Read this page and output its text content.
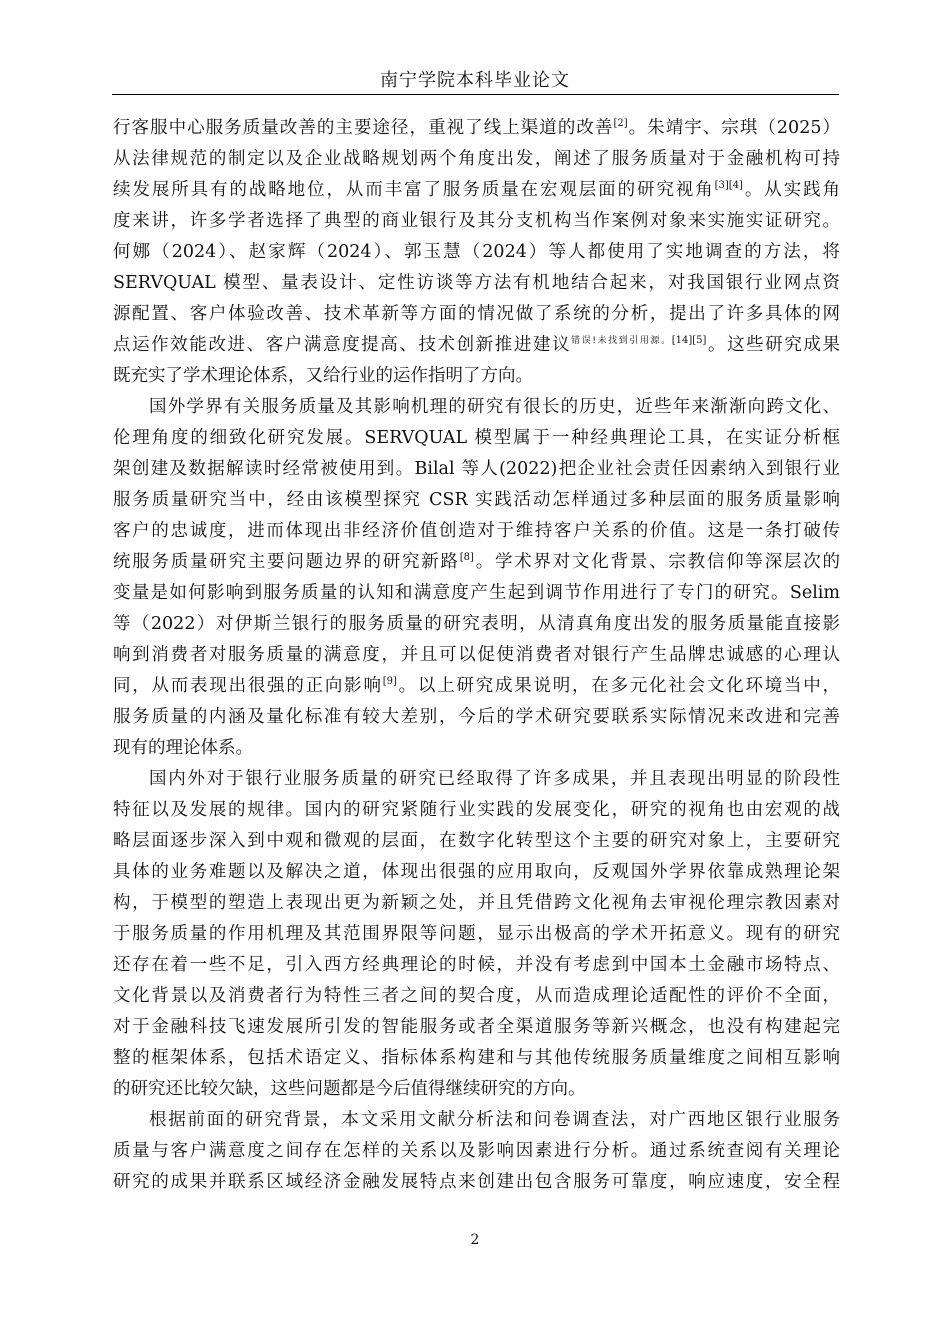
南宁学院本科毕业论文
行客服中心服务质量改善的主要途径，重视了线上渠道的改善[2]。朱靖宇、宗琪（2025）
从法律规范的制定以及企业战略规划两个角度出发，阐述了服务质量对于金融机构可持
续发展所具有的战略地位，从而丰富了服务质量在宏观层面的研究视角[3][4]。从实践角
度来讲，许多学者选择了典型的商业银行及其分支机构当作案例对象来实施实证研究。
何娜（2024）、赵家辉（2024）、郭玉慧（2024）等人都使用了实地调查的方法，将
SERVQUAL 模型、量表设计、定性访谈等方法有机地结合起来，对我国银行业网点资
源配置、客户体验改善、技术革新等方面的情况做了系统的分析，提出了许多具体的网
点运作效能改进、客户满意度提高、技术创新推进建议$^{错误!未找到引用源。[14][5]}$。这些研究成果
既充实了学术理论体系，又给行业的运作指明了方向。
国外学界有关服务质量及其影响机理的研究有很长的历史，近些年来渐渐向跨文化、
伦理角度的细致化研究发展。SERVQUAL 模型属于一种经典理论工具，在实证分析框
架创建及数据解读时经常被使用到。Bilal 等人(2022)把企业社会责任因素纳入到银行业
服务质量研究当中，经由该模型探究 CSR 实践活动怎样通过多种层面的服务质量影响
客户的忠诚度，进而体现出非经济价值创造对于维持客户关系的价值。这是一条打破传
统服务质量研究主要问题边界的研究新路[8]。学术界对文化背景、宗教信仰等深层次的
变量是如何影响到服务质量的认知和满意度产生起到调节作用进行了专门的研究。Selim
等（2022）对伊斯兰银行的服务质量的研究表明，从清真角度出发的服务质量能直接影
响到消费者对服务质量的满意度，并且可以促使消费者对银行产生品牌忠诚感的心理认
同，从而表现出很强的正向影响[9]。以上研究成果说明，在多元化社会文化环境当中，
服务质量的内涵及量化标准有较大差别，今后的学术研究要联系实际情况来改进和完善
现有的理论体系。
国内外对于银行业服务质量的研究已经取得了许多成果，并且表现出明显的阶段性
特征以及发展的规律。国内的研究紧随行业实践的发展变化，研究的视角也由宏观的战
略层面逐步深入到中观和微观的层面，在数字化转型这个主要的研究对象上，主要研究
具体的业务难题以及解决之道，体现出很强的应用取向，反观国外学界依靠成熟理论架
构，于模型的塑造上表现出更为新颖之处，并且凭借跨文化视角去审视伦理宗教因素对
于服务质量的作用机理及其范围界限等问题，显示出极高的学术开拓意义。现有的研究
还存在着一些不足，引入西方经典理论的时候，并没有考虑到中国本土金融市场特点、
文化背景以及消费者行为特性三者之间的契合度，从而造成理论适配性的评价不全面，
对于金融科技飞速发展所引发的智能服务或者全渠道服务等新兴概念，也没有构建起完
整的框架体系，包括术语定义、指标体系构建和与其他传统服务质量维度之间相互影响
的研究还比较欠缺，这些问题都是今后值得继续研究的方向。
根据前面的研究背景，本文采用文献分析法和问卷调查法，对广西地区银行业服务
质量与客户满意度之间存在怎样的关系以及影响因素进行分析。通过系统查阅有关理论
研究的成果并联系区域经济金融发展特点来创建出包含服务可靠度，响应速度，安全程
2
